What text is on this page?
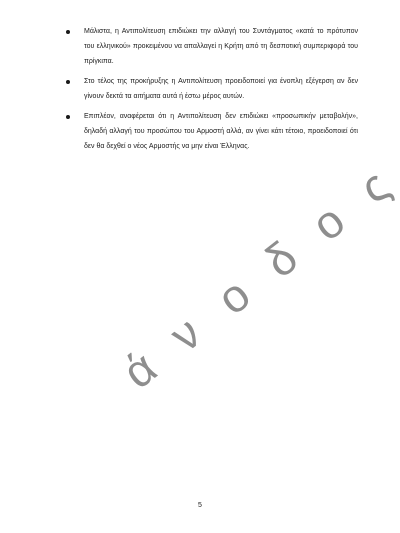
Μάλιστα, η Αντιπολίτευση επιδιώκει την αλλαγή του Συντάγματος «κατά το πρότυπον του ελληνικού» προκειμένου να απαλλαγεί η Κρήτη από τη δεσποτική συμπεριφορά του πρίγκιπα.
Στο τέλος της προκήρυξης η Αντιπολίτευση προειδοποιεί για ένοπλη εξέγερση αν δεν γίνουν δεκτά τα αιτήματα αυτά ή έστω μέρος αυτών.
Επιπλέον, αναφέρεται ότι η Αντιπολίτευση δεν επιδιώκει «προσωπικήν μεταβολήν», δηλαδή αλλαγή του προσώπου του Αρμοστή αλλά, αν γίνει κάτι τέτοιο, προειδοποιεί ότι δεν θα δεχθεί ο νέος Αρμοστής να μην είναι Έλληνας.
ά
ν
ο
δ
ο
ς
5
